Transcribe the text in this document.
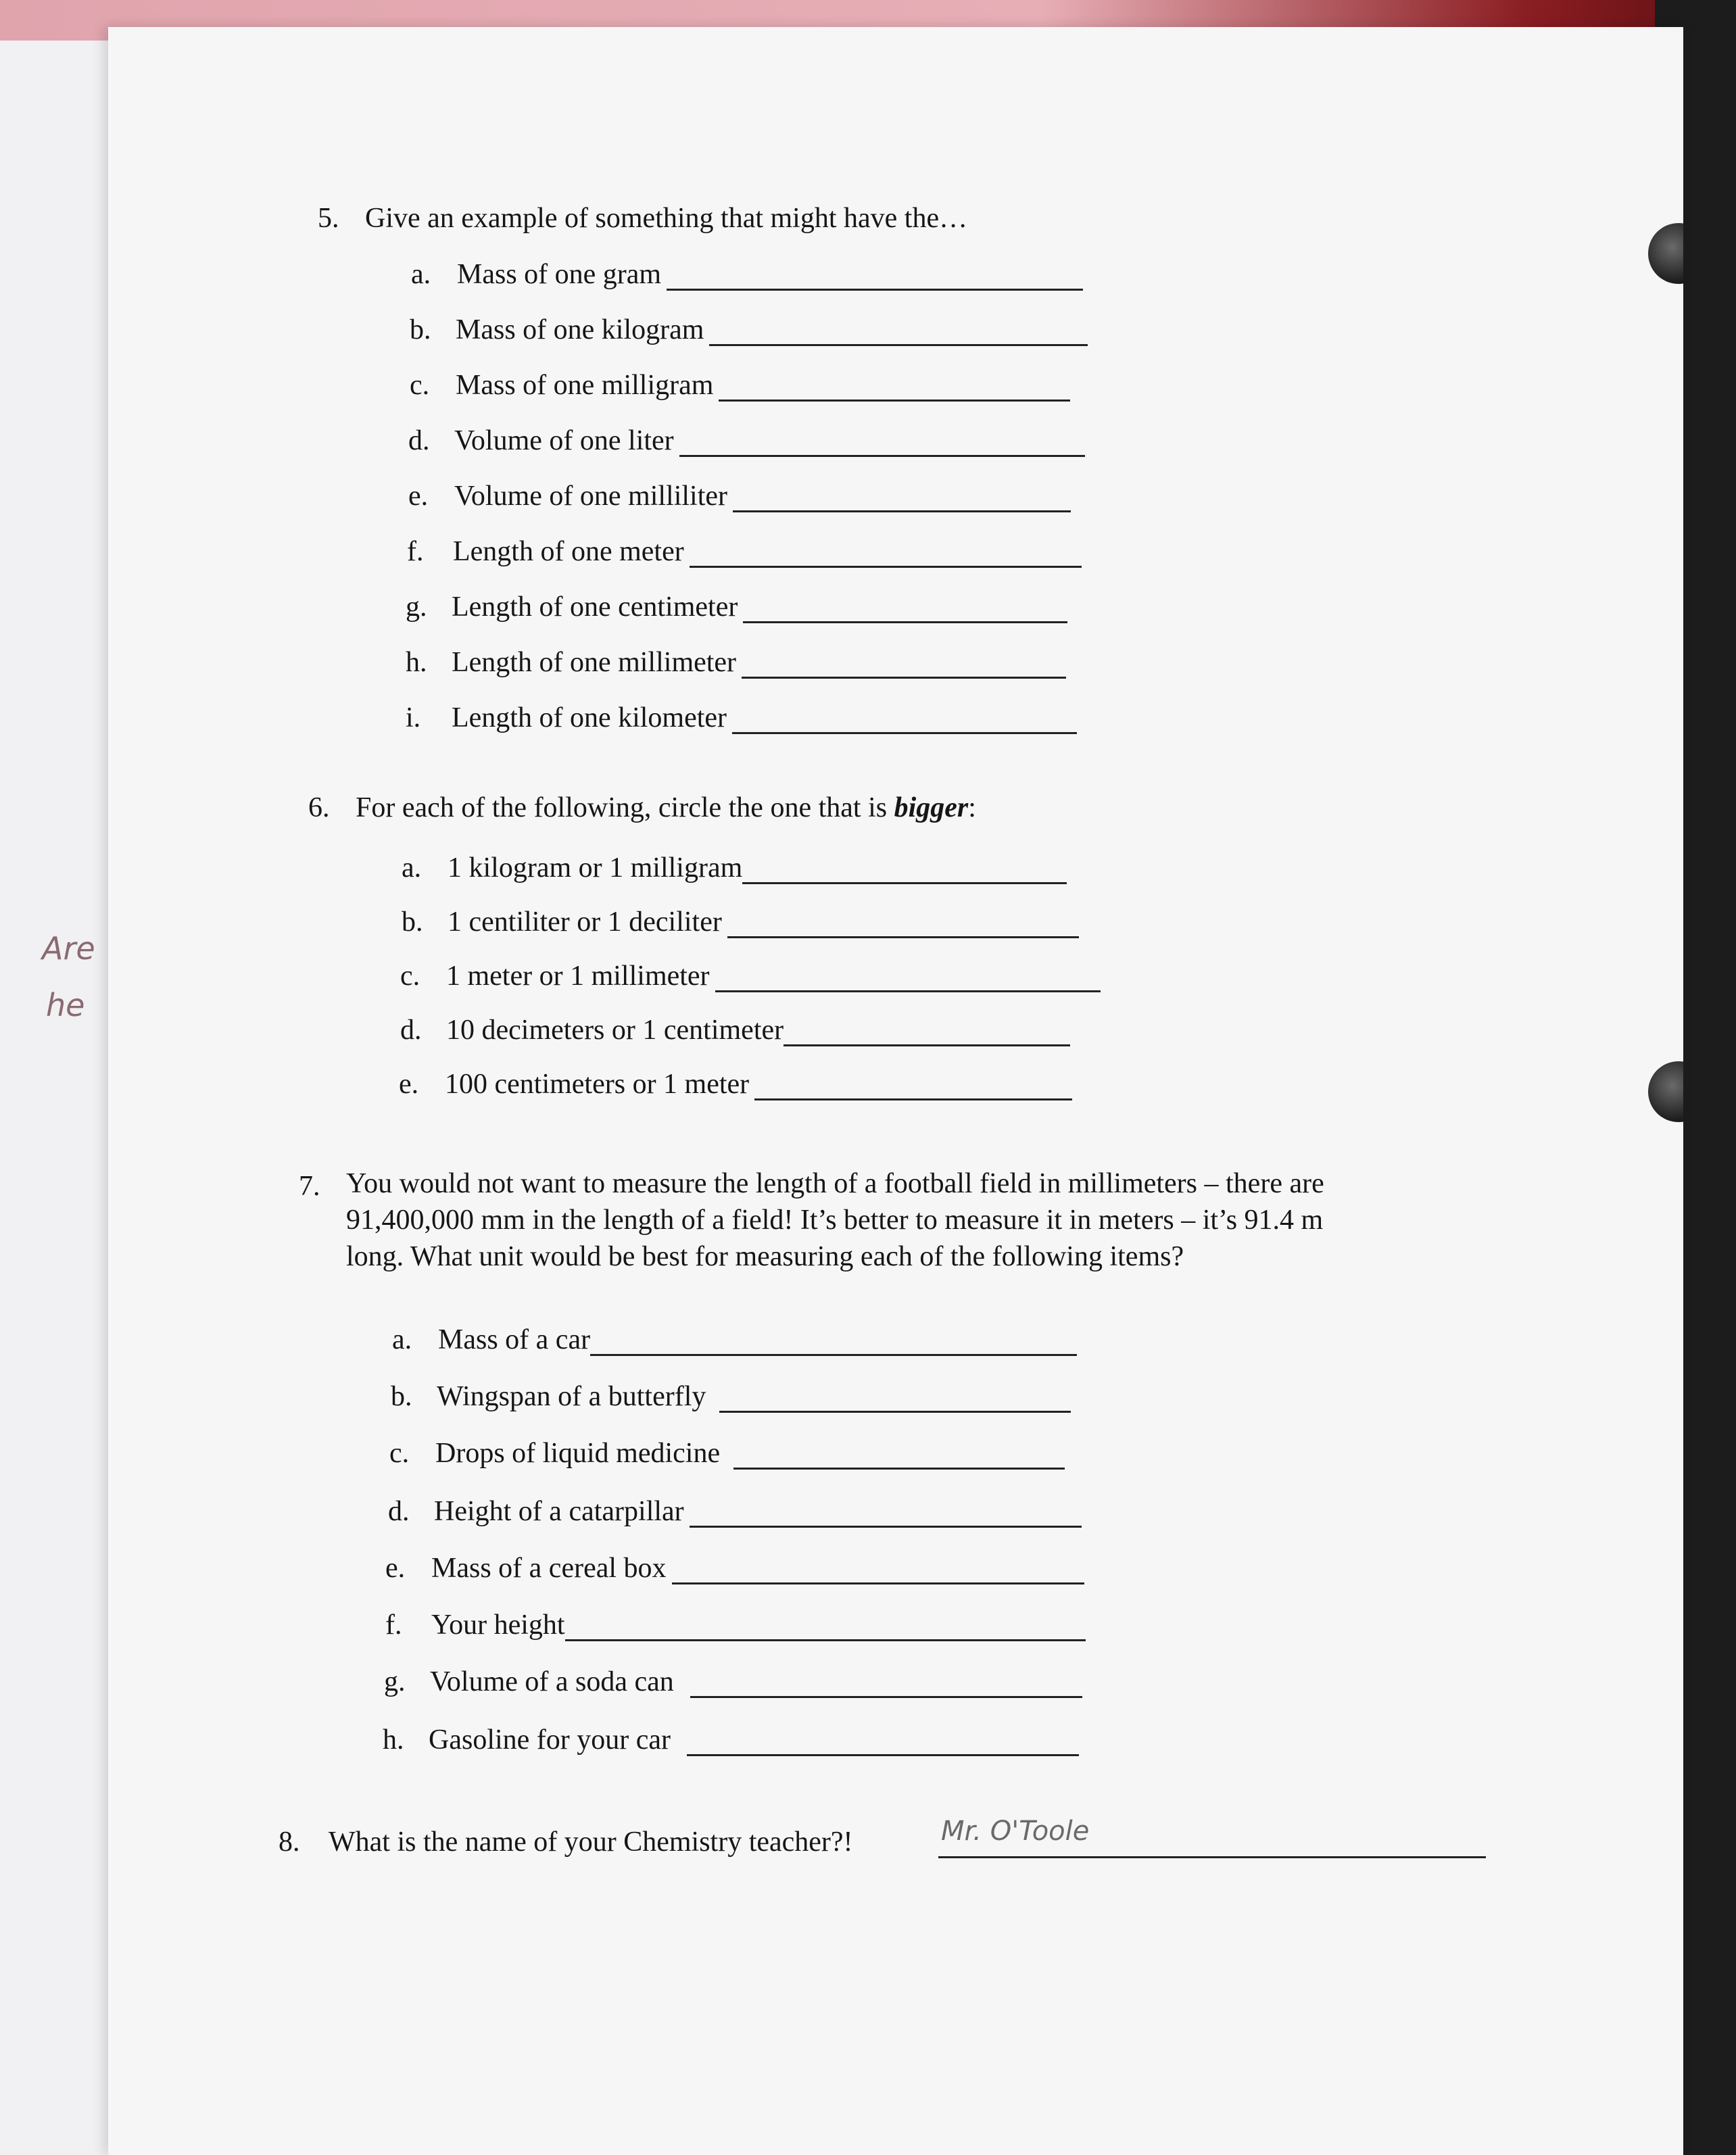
Are
he
5. Give an example of something that might have the…
a. Mass of one gram
b. Mass of one kilogram
c. Mass of one milligram
d. Volume of one liter
e. Volume of one milliliter
f.	Length of one meter
g. Length of one centimeter
h. Length of one millimeter
i.	Length of one kilometer
6. For each of the following, circle the one that is bigger:
a. 1 kilogram or 1 milligram
b. 1 centiliter or 1 deciliter
c. 1 meter or 1 millimeter
d. 10 decimeters or 1 centimeter
e. 100 centimeters or 1 meter
7. You would not want to measure the length of a football field in millimeters – there are
91,400,000 mm in the length of a field! It’s better to measure it in meters – it’s 91.4 m
long. What unit would be best for measuring each of the following items?
a. Mass of a car
b. Wingspan of a butterfly
c. Drops of liquid medicine
d. Height of a catarpillar
e. Mass of a cereal box
f.	Your height
g. Volume of a soda can
h. Gasoline for your car
8. What is the name of your Chemistry teacher?!	Mr. O'Toole
